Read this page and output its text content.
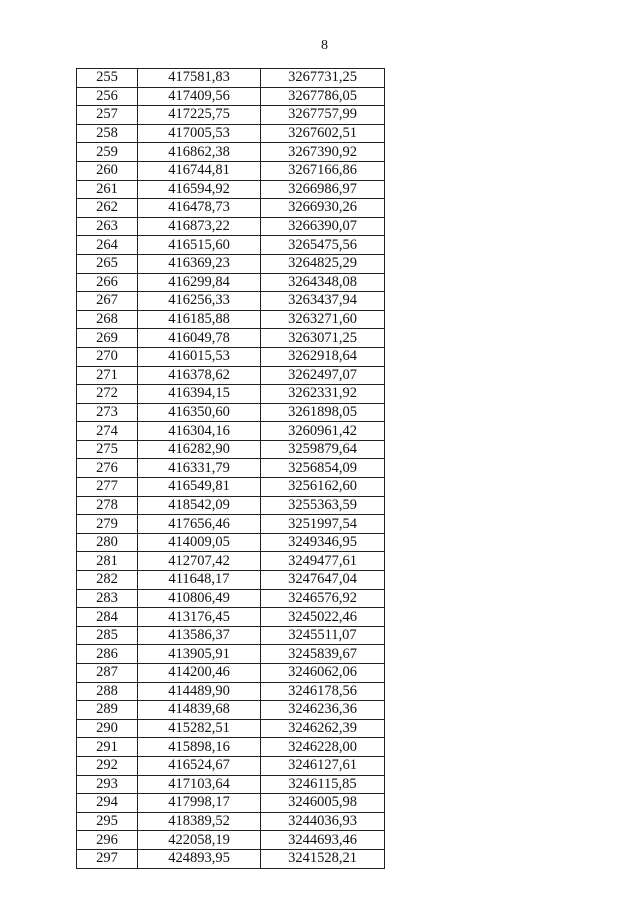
8
255	417581,83	3267731,25
256	417409,56	3267786,05
257	417225,75	3267757,99
258	417005,53	3267602,51
259	416862,38	3267390,92
260	416744,81	3267166,86
261	416594,92	3266986,97
262	416478,73	3266930,26
263	416873,22	3266390,07
264	416515,60	3265475,56
265	416369,23	3264825,29
266	416299,84	3264348,08
267	416256,33	3263437,94
268	416185,88	3263271,60
269	416049,78	3263071,25
270	416015,53	3262918,64
271	416378,62	3262497,07
272	416394,15	3262331,92
273	416350,60	3261898,05
274	416304,16	3260961,42
275	416282,90	3259879,64
276	416331,79	3256854,09
277	416549,81	3256162,60
278	418542,09	3255363,59
279	417656,46	3251997,54
280	414009,05	3249346,95
281	412707,42	3249477,61
282	411648,17	3247647,04
283	410806,49	3246576,92
284	413176,45	3245022,46
285	413586,37	3245511,07
286	413905,91	3245839,67
287	414200,46	3246062,06
288	414489,90	3246178,56
289	414839,68	3246236,36
290	415282,51	3246262,39
291	415898,16	3246228,00
292	416524,67	3246127,61
293	417103,64	3246115,85
294	417998,17	3246005,98
295	418389,52	3244036,93
296	422058,19	3244693,46
297	424893,95	3241528,21
